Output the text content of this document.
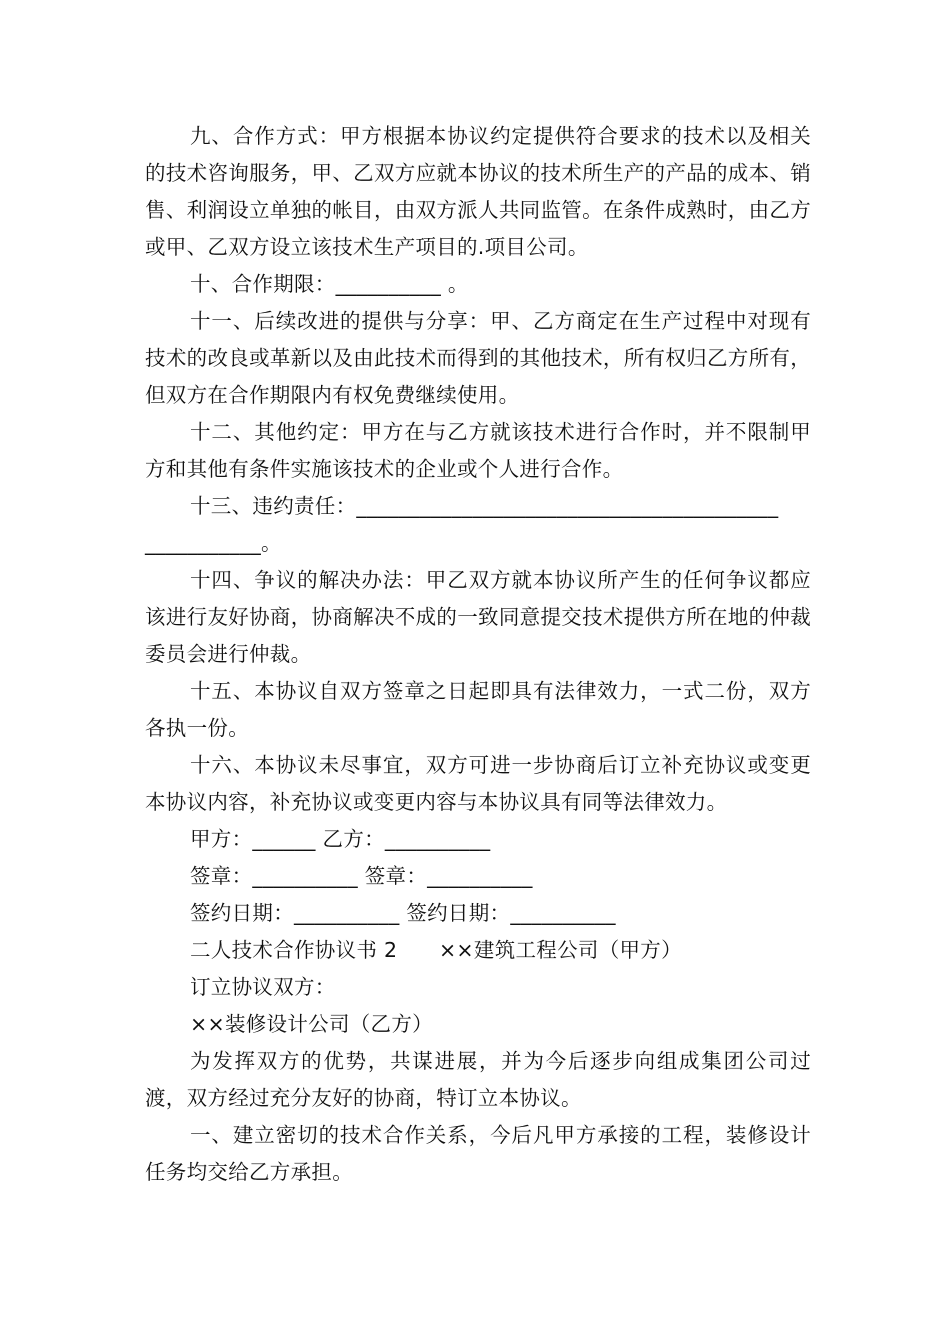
九、合作方式：甲方根据本协议约定提供符合要求的技术以及相关的技术咨询服务，甲、乙双方应就本协议的技术所生产的产品的成本、销售、利润设立单独的帐目，由双方派人共同监管。在条件成熟时，由乙方或甲、乙双方设立该技术生产项目的.项目公司。

十、合作期限：__________ 。

十一、后续改进的提供与分享：甲、乙方商定在生产过程中对现有技术的改良或革新以及由此技术而得到的其他技术，所有权归乙方所有，但双方在合作期限内有权免费继续使用。

十二、其他约定：甲方在与乙方就该技术进行合作时，并不限制甲方和其他有条件实施该技术的企业或个人进行合作。

十三、违约责任：________________________________________

___________。

十四、争议的解决办法：甲乙双方就本协议所产生的任何争议都应该进行友好协商，协商解决不成的一致同意提交技术提供方所在地的仲裁委员会进行仲裁。

十五、本协议自双方签章之日起即具有法律效力，一式二份，双方各执一份。

十六、本协议未尽事宜，双方可进一步协商后订立补充协议或变更本协议内容，补充协议或变更内容与本协议具有同等法律效力。

甲方：______ 乙方：__________

签章：__________ 签章：__________

签约日期：__________ 签约日期：__________

二人技术合作协议书 2　　××建筑工程公司（甲方）

订立协议双方：

××装修设计公司（乙方）

为发挥双方的优势，共谋进展，并为今后逐步向组成集团公司过渡，双方经过充分友好的协商，特订立本协议。

一、建立密切的技术合作关系，今后凡甲方承接的工程，装修设计任务均交给乙方承担。
